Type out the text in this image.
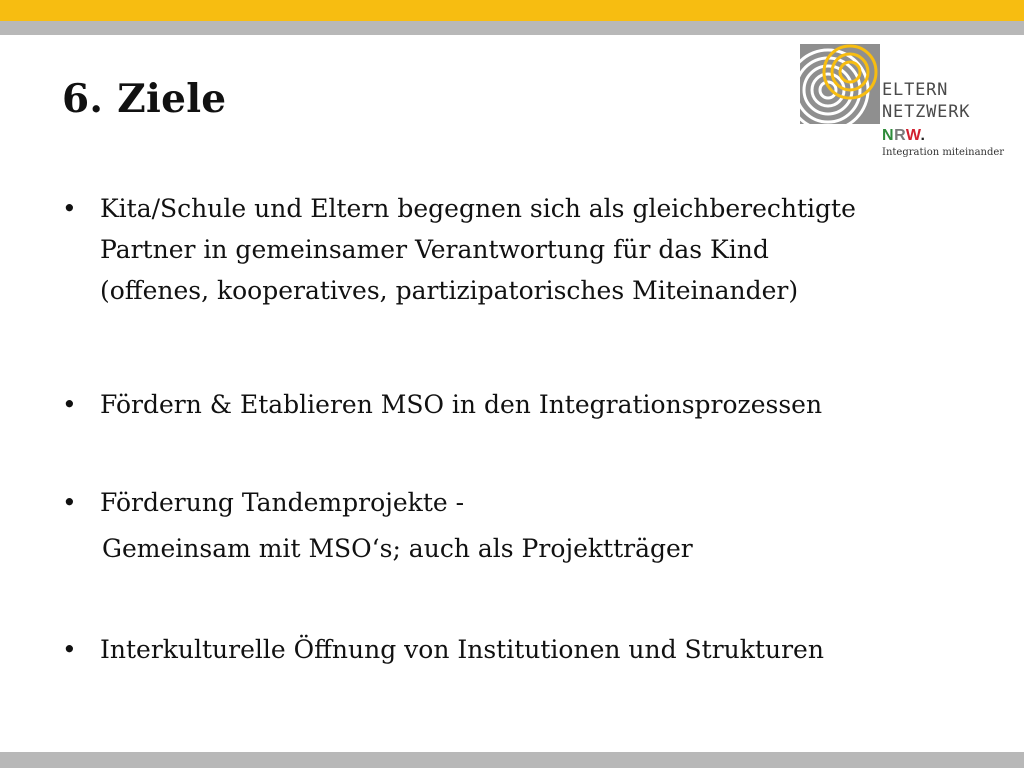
6. Ziele	ELTERN
NETZWERK
NRW.
Integration miteinander
• Kita/Schule und Eltern begegnen sich als gleichberechtigte
Partner in gemeinsamer Verantwortung für das Kind
(offenes, kooperatives, partizipatorisches Miteinander)
• Fördern & Etablieren MSO in den Integrationsprozessen
• Förderung Tandemprojekte -
• Interkulturelle Öffnung von Institutionen und Strukturen
Gemeinsam mit MSO‘s; auch als Projektträger
